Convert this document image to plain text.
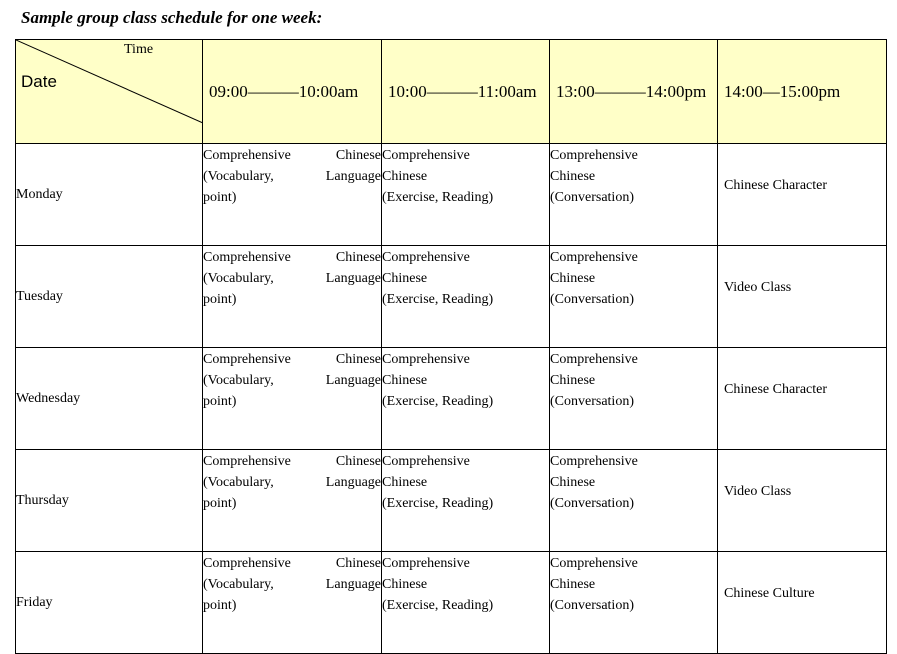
Sample group class schedule for one week:
Time
Date	09:00———10:00am	10:00———11:00am	13:00———14:00pm	14:00—15:00pm
Monday	Comprehensive Chinese
(Vocabulary, Language
point)	Comprehensive
Chinese
(Exercise, Reading)	Comprehensive
Chinese
(Conversation)	Chinese Character
Tuesday	Comprehensive Chinese
(Vocabulary, Language
point)	Comprehensive
Chinese
(Exercise, Reading)	Comprehensive
Chinese
(Conversation)	Video Class
Wednesday	Comprehensive Chinese
(Vocabulary, Language
point)	Comprehensive
Chinese
(Exercise, Reading)	Comprehensive
Chinese
(Conversation)	Chinese Character
Thursday	Comprehensive Chinese
(Vocabulary, Language
point)	Comprehensive
Chinese
(Exercise, Reading)	Comprehensive
Chinese
(Conversation)	Video Class
Friday	Comprehensive Chinese
(Vocabulary, Language
point)	Comprehensive
Chinese
(Exercise, Reading)	Comprehensive
Chinese
(Conversation)	Chinese Culture
